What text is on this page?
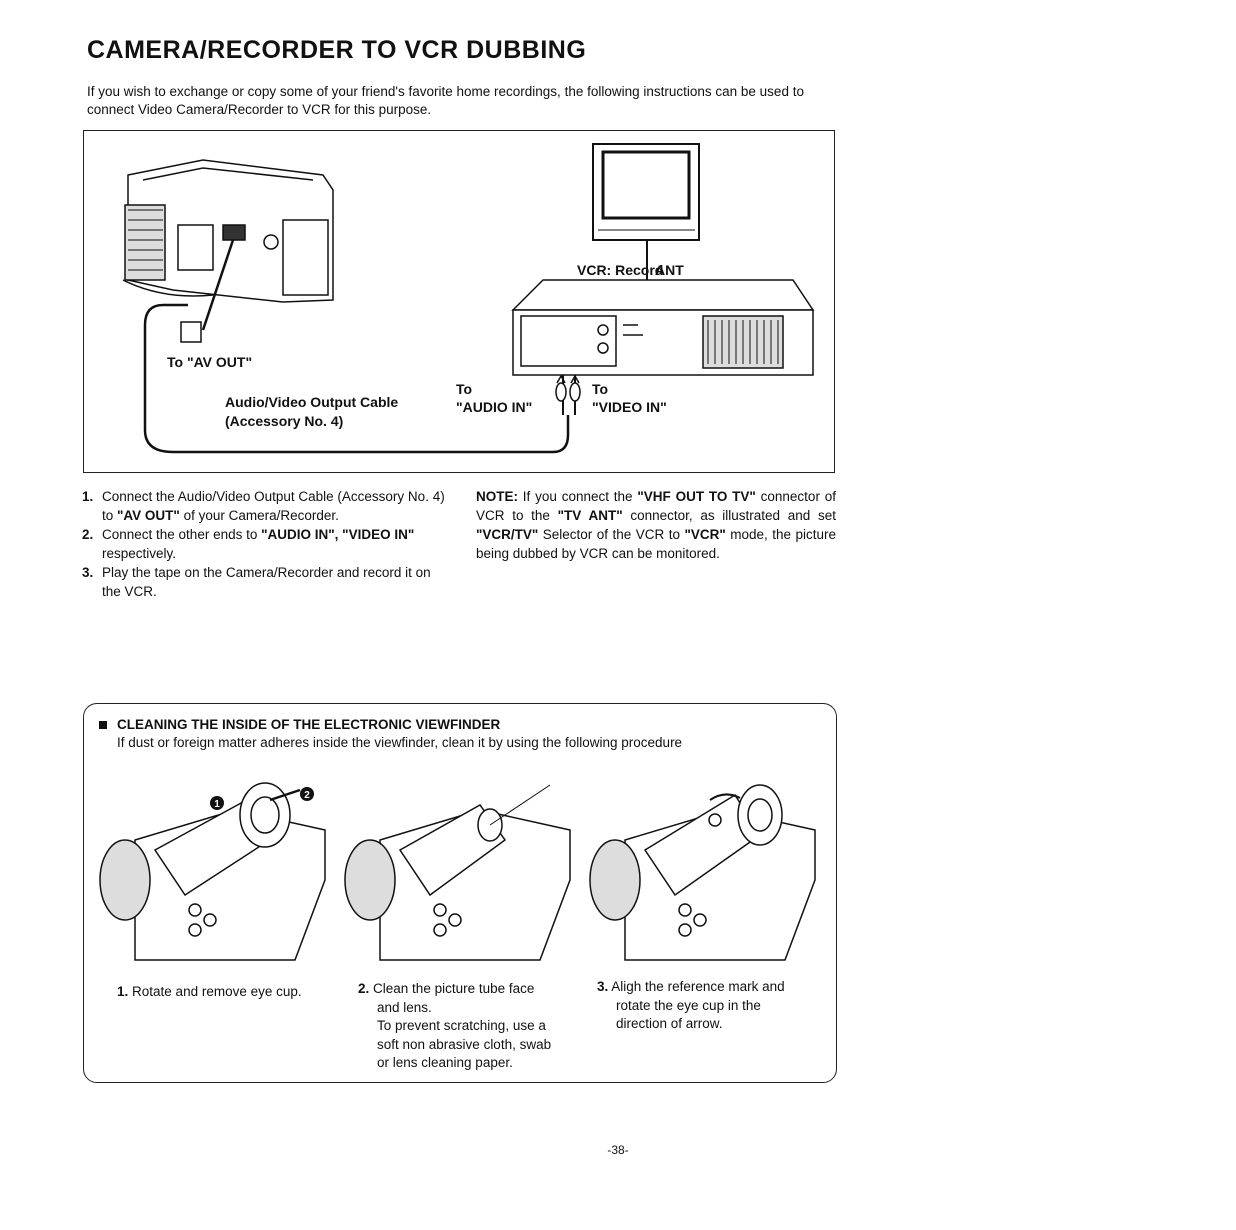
CAMERA/RECORDER TO VCR DUBBING
If you wish to exchange or copy some of your friend's favorite home recordings, the following instructions can be used to connect Video Camera/Recorder to VCR for this purpose.
VCR: Record
ANT
To "AV OUT"
Audio/Video Output Cable
(Accessory No. 4)
To
"AUDIO IN"
To
"VIDEO IN"
1. Connect the Audio/Video Output Cable (Accessory No. 4) to "AV OUT" of your Camera/Recorder.
2. Connect the other ends to "AUDIO IN", "VIDEO IN" respectively.
3. Play the tape on the Camera/Recorder and record it on the VCR.
NOTE: If you connect the "VHF OUT TO TV" connector of VCR to the "TV ANT" connector, as illustrated and set "VCR/TV" Selector of the VCR to "VCR" mode, the picture being dubbed by VCR can be monitored.
CLEANING THE INSIDE OF THE ELECTRONIC VIEWFINDER
If dust or foreign matter adheres inside the viewfinder, clean it by using the following procedure
1
2
1. Rotate and remove eye cup.	2. Clean the picture tube face
and lens.
To prevent scratching, use a
soft non abrasive cloth, swab
or lens cleaning paper.
3. Aligh the reference mark and
rotate the eye cup in the
direction of arrow.
-38-
